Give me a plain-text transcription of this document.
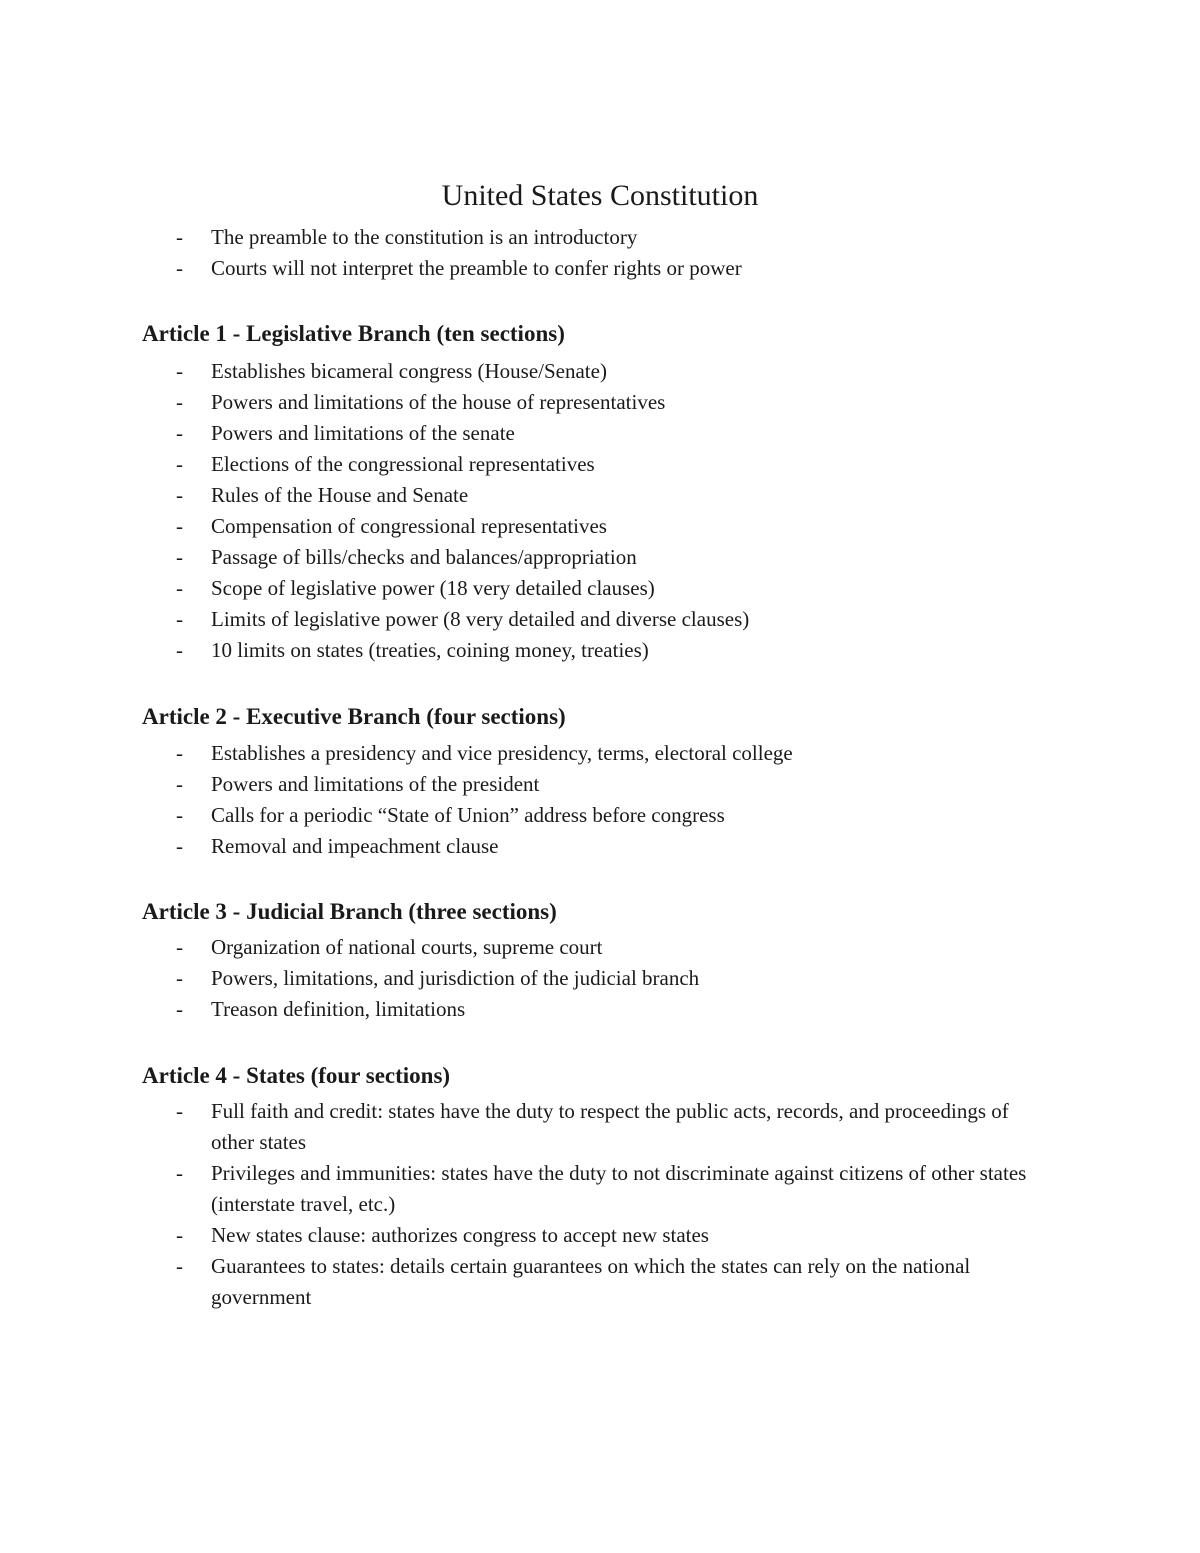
United States Constitution
- The preamble to the constitution is an introductory
- Courts will not interpret the preamble to confer rights or power
Article 1 - Legislative Branch (ten sections)
- Establishes bicameral congress (House/Senate)
- Powers and limitations of the house of representatives
- Powers and limitations of the senate
- Elections of the congressional representatives
- Rules of the House and Senate
- Compensation of congressional representatives
- Passage of bills/checks and balances/appropriation
- Scope of legislative power (18 very detailed clauses)
- Limits of legislative power (8 very detailed and diverse clauses)
- 10 limits on states (treaties, coining money, treaties)
Article 2 - Executive Branch (four sections)
- Establishes a presidency and vice presidency, terms, electoral college
- Powers and limitations of the president
- Calls for a periodic “State of Union” address before congress
- Removal and impeachment clause
Article 3 - Judicial Branch (three sections)
- Organization of national courts, supreme court
- Powers, limitations, and jurisdiction of the judicial branch
- Treason definition, limitations
Article 4 - States (four sections)
- Full faith and credit: states have the duty to respect the public acts, records, and proceedings of other states
- Privileges and immunities: states have the duty to not discriminate against citizens of other states (interstate travel, etc.)
- New states clause: authorizes congress to accept new states
- Guarantees to states: details certain guarantees on which the states can rely on the national government
